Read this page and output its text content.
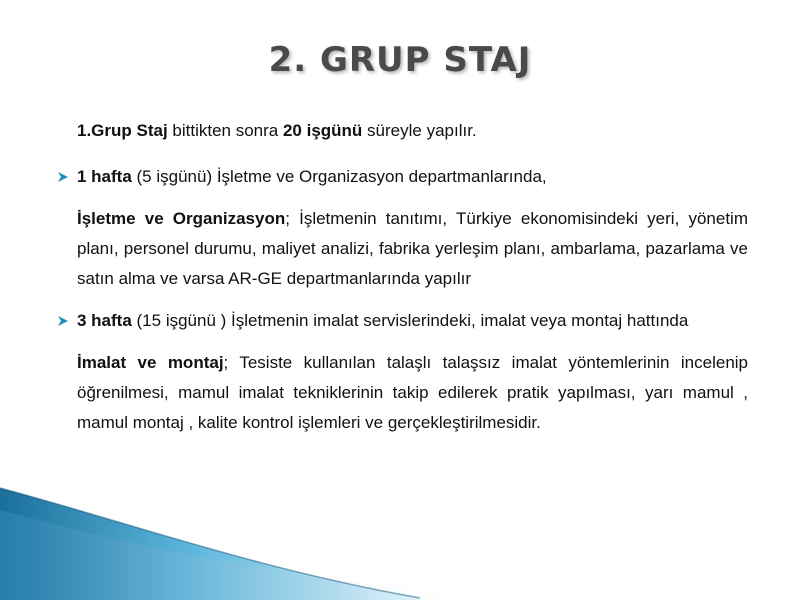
2. GRUP STAJ

1.Grup Staj bittikten sonra 20 işgünü süreyle yapılır.

1 hafta (5 işgünü) İşletme ve Organizasyon departmanlarında,

İşletme ve Organizasyon; İşletmenin tanıtımı, Türkiye ekonomisindeki yeri, yönetim planı, personel durumu, maliyet analizi, fabrika yerleşim planı, ambarlama, pazarlama ve satın alma ve varsa AR-GE departmanlarında yapılır

3 hafta (15 işgünü ) İşletmenin imalat servislerindeki, imalat veya montaj hattında

İmalat ve montaj; Tesiste kullanılan talaşlı talaşsız imalat yöntemlerinin incelenip öğrenilmesi, mamul imalat tekniklerinin takip edilerek pratik yapılması, yarı mamul , mamul montaj , kalite kontrol işlemleri ve gerçekleştirilmesidir.
